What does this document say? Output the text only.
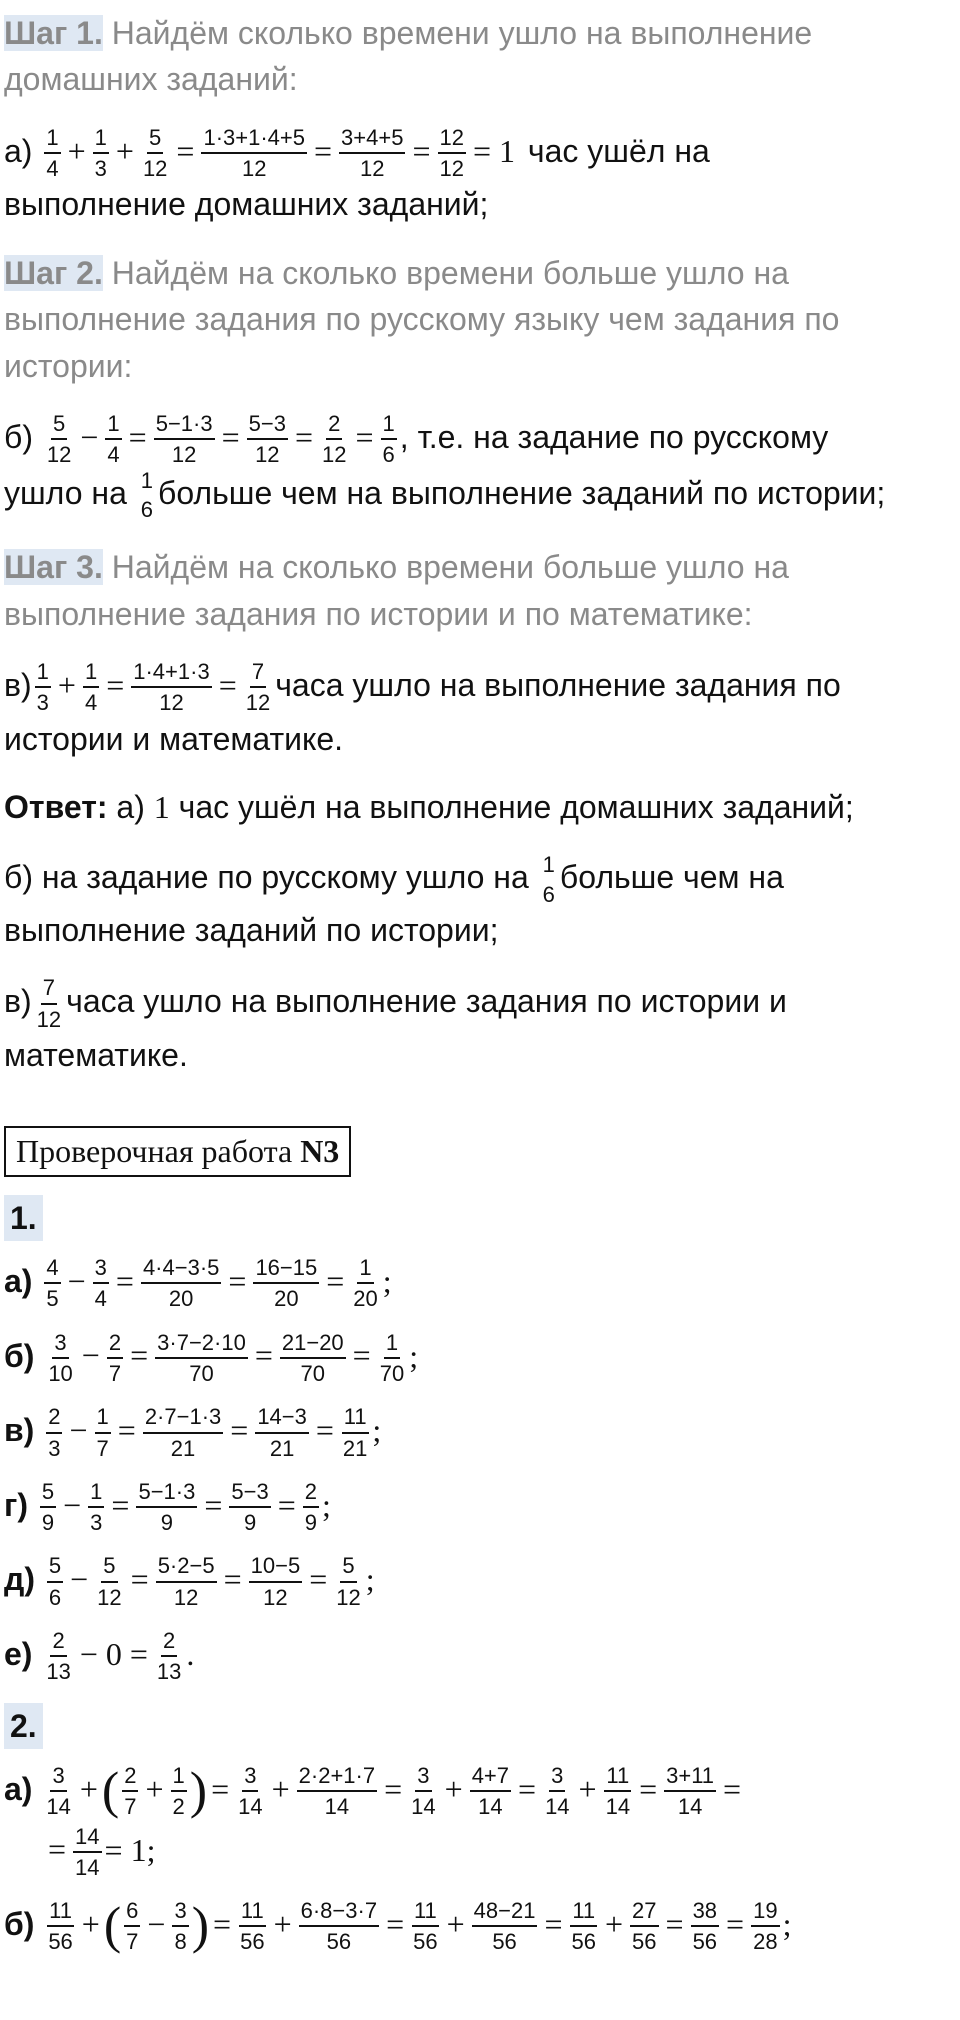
Шаг 1. Найдём сколько времени ушло на выполнение домашних заданий:
$а) \frac{1}{4} + \frac{1}{3} + \frac{5}{12} = \frac{1\cdot 3+1\cdot 4+5}{12} = \frac{3+4+5}{12} = \frac{12}{12} = 1$ час ушёл на
выполнение домашних заданий;
Шаг 2. Найдём на сколько времени больше ушло на выполнение задания по русскому языку чем задания по истории:
$б) \frac{5}{12} - \frac{1}{4} = \frac{5-1\cdot 3}{12} = \frac{5-3}{12} = \frac{2}{12} = \frac{1}{6}$ , т.е. на задание по русскому
ушло на 1
6 больше чем на выполнение заданий по истории;
Шаг 3. Найдём на сколько времени больше ушло на выполнение задания по истории и по математике:
$в) \frac{1}{3} + \frac{1}{4} = \frac{1\cdot 4+1\cdot 3}{12} = \frac{7}{12}$ часа ушло на выполнение задания по
истории и математике.
Ответ: а) 1 час ушёл на выполнение домашних заданий;
б) на задание по русскому ушло на 1
6 больше чем на
выполнение заданий по истории;
$в) \frac{7}{12}$ часа ушло на выполнение задания по истории и
математике.
Проверочная работа N3
1.
$а) \frac{4}{5} - \frac{3}{4} = \frac{4\cdot 4-3\cdot 5}{20} = \frac{16-15}{20} = \frac{1}{20}$ ;
$б) \frac{3}{10} - \frac{2}{7} = \frac{3\cdot 7-2\cdot 10}{70} = \frac{21-20}{70} = \frac{1}{70}$ ;
$в) \frac{2}{3} - \frac{1}{7} = \frac{2\cdot 7-1\cdot 3}{21} = \frac{14-3}{21} = \frac{11}{21}$ ;
$г) \frac{5}{9} - \frac{1}{3} = \frac{5-1\cdot 3}{9} = \frac{5-3}{9} = \frac{2}{9}$ ;
$д) \frac{5}{6} - \frac{5}{12} = \frac{5\cdot 2-5}{12} = \frac{10-5}{12} = \frac{5}{12}$ ;
$е) \frac{2}{13} - 0 = \frac{2}{13}$ .
2.
$а) \frac{3}{14}$ +( $\frac{2}{7} + \frac{1}{2}$ ) = $\frac{3}{14} + \frac{2\cdot 2+1\cdot 7}{14} = \frac{3}{14} + \frac{4+7}{14} = \frac{3}{14} + \frac{11}{14} = \frac{3+11}{14}$ =
= $\frac{14}{14} = 1$;
$б) \frac{11}{56}$ +( $\frac{6}{7} - \frac{3}{8}$ ) = $\frac{11}{56} + \frac{6\cdot 8-3\cdot 7}{56} = \frac{11}{56} + \frac{48-21}{56} = \frac{11}{56} + \frac{27}{56} = \frac{38}{56} = \frac{19}{28}$ ;
